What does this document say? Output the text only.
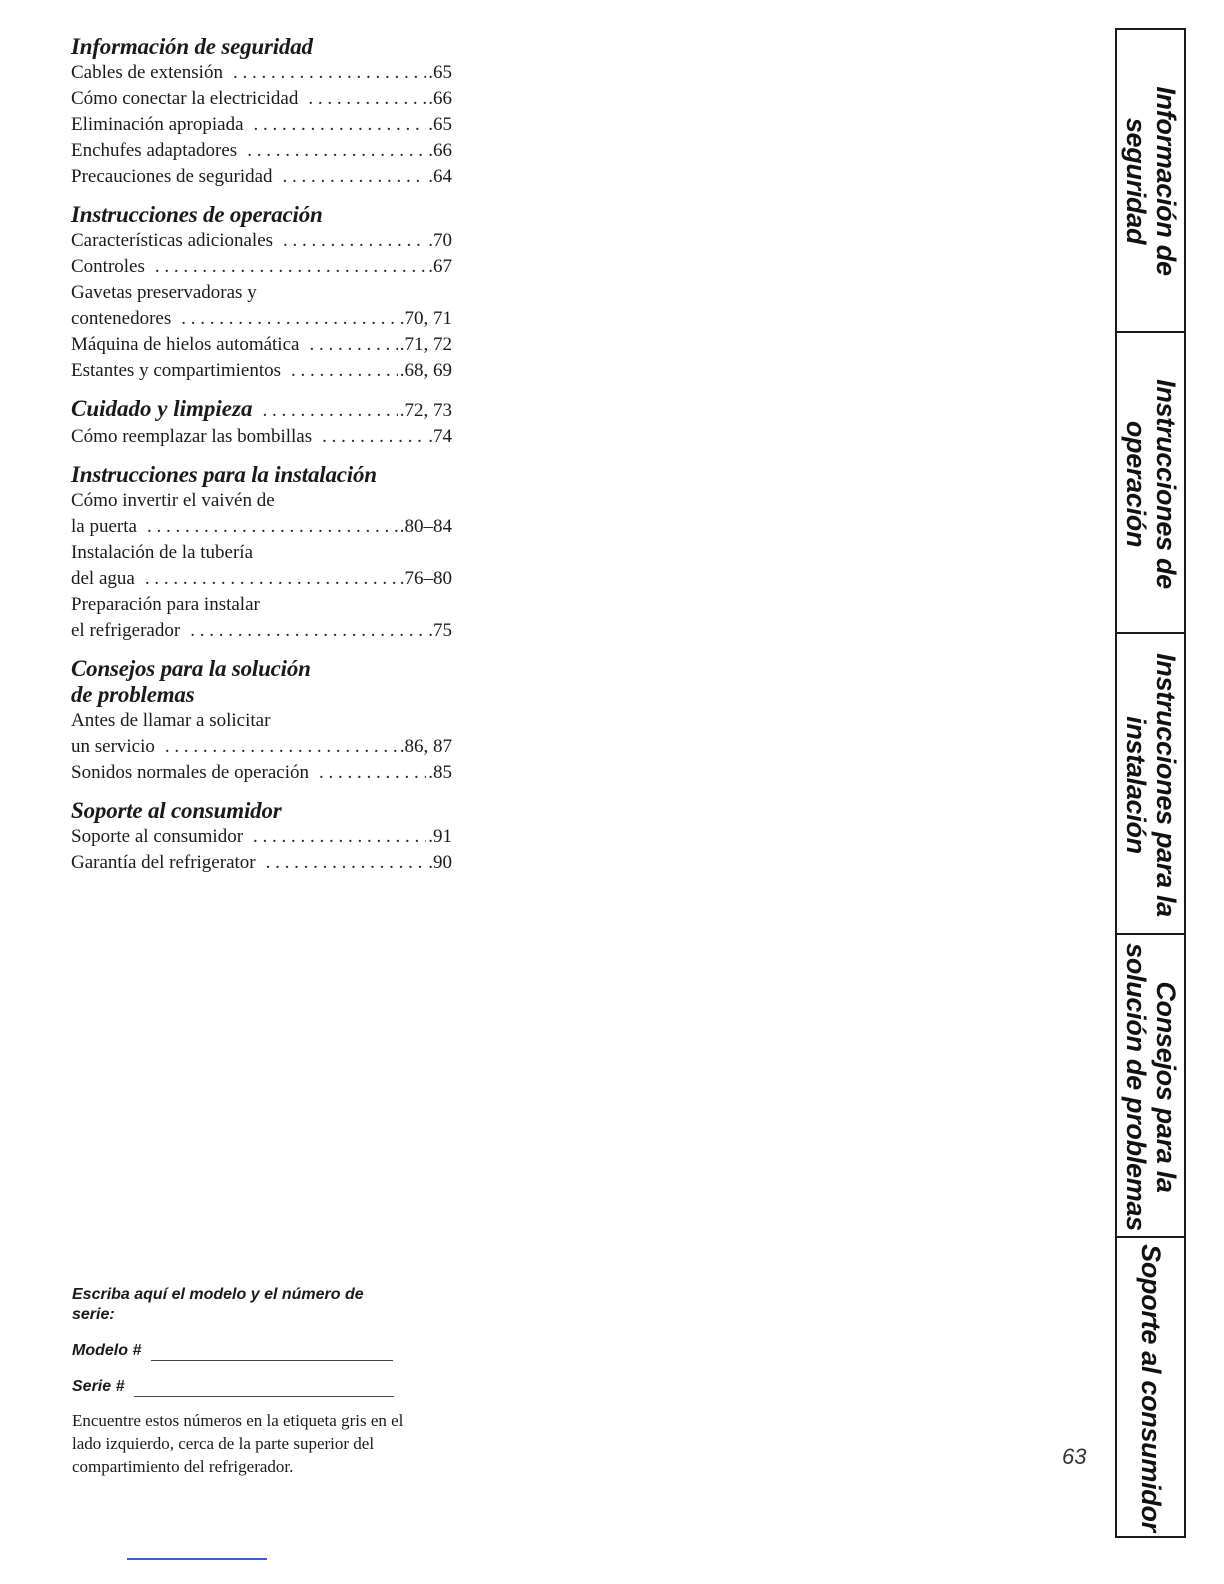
Información de seguridad
Cables de extensión . . .	.65
Cómo conectar la electricidad . . .	.66
Eliminación apropiada . . .	.65
Enchufes adaptadores . . .	.66
Precauciones de seguridad . . .	.64
Instrucciones de operación
Características adicionales . . .	.70
Controles . . .	.67
Gavetas preservadoras y
contenedores . . .	.70, 71
Máquina de hielos automática . . .	.71, 72
Estantes y compartimientos . . .	.68, 69
Cuidado y limpieza . . .	.72, 73
Cómo reemplazar las bombillas . . .	.74
Instrucciones para la instalación
Cómo invertir el vaivén de
la puerta . . .	.80–84
Instalación de la tubería
del agua . . .	.76–80
Preparación para instalar
el refrigerador . . .	.75
Consejos para la solución
de problemas
Antes de llamar a solicitar
un servicio . . .	.86, 87
Sonidos normales de operación . . .	.85
Soporte al consumidor
Soporte al consumidor . . .	.91
Garantía del refrigerator . . .	.90
Escriba aquí el modelo y el número de serie:
Modelo #
Serie #
Encuentre estos números en la etiqueta gris en el lado izquierdo, cerca de la parte superior del compartimiento del refrigerador.	63
Información de
seguridad
Instrucciones de
operación
Instrucciones para la
instalación
Consejos para la
solución de problemas
Soporte al consumidor
